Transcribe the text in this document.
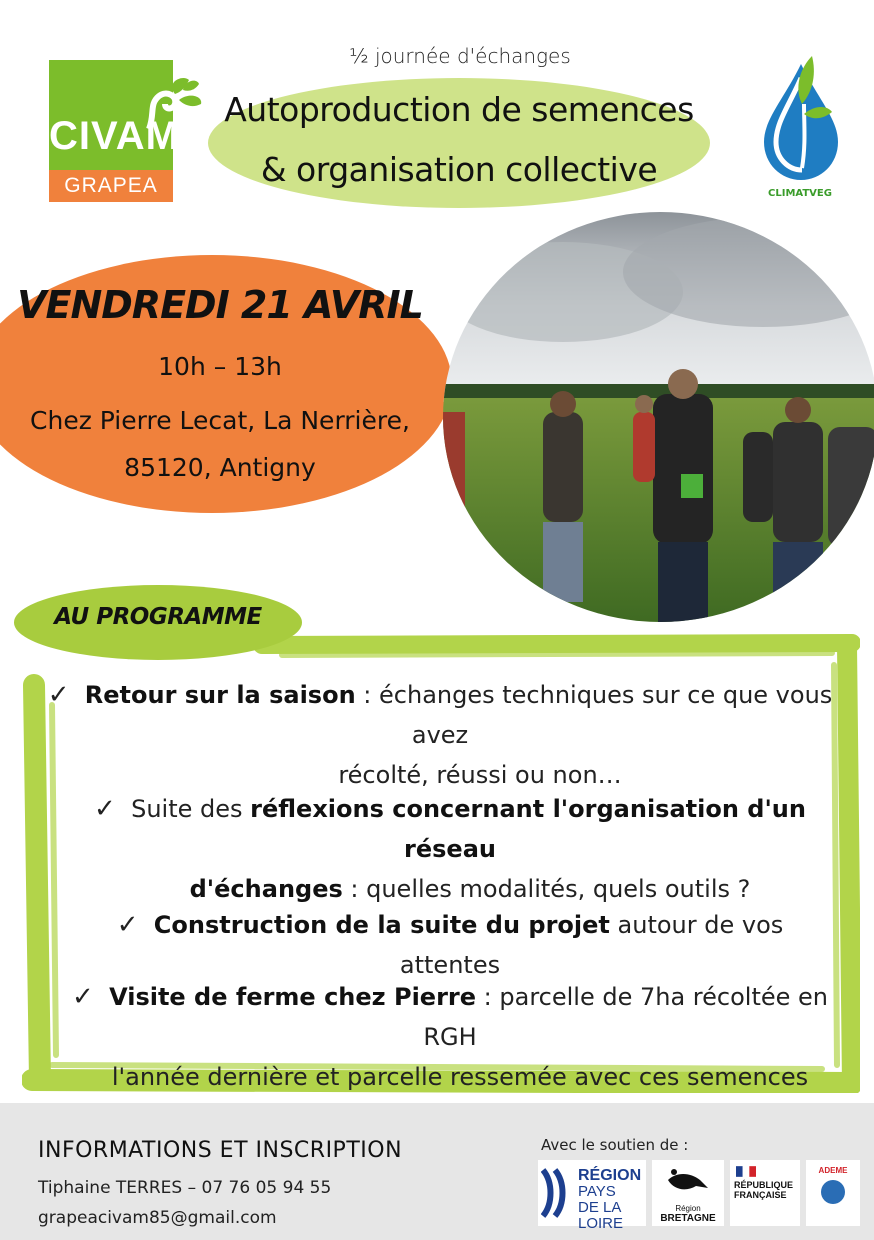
CIVAM
GRAPEA	CLIMATVEG
½ journée d'échanges
Autoproduction de semences
& organisation collective
VENDREDI 21 AVRIL
10h – 13h
Chez Pierre Lecat, La Nerrière,
85120, Antigny
AU PROGRAMME
✓ Retour sur la saison : échanges techniques sur ce que vous avez
récolté, réussi ou non…
✓ Suite des réflexions concernant l'organisation d'un réseau
d'échanges : quelles modalités, quels outils ?
✓ Construction de la suite du projet autour de vos attentes
✓ Visite de ferme chez Pierre : parcelle de 7ha récoltée en RGH
l'année dernière et parcelle ressemée avec ces semences
INFORMATIONS ET INSCRIPTION
Tiphaine TERRES – 07 76 05 94 55
grapeacivam85@gmail.com
Avec le soutien de :
RÉGION
PAYS
DE LA LOIRE
Région
BRETAGNE
RÉPUBLIQUE
FRANÇAISE
ADEME
